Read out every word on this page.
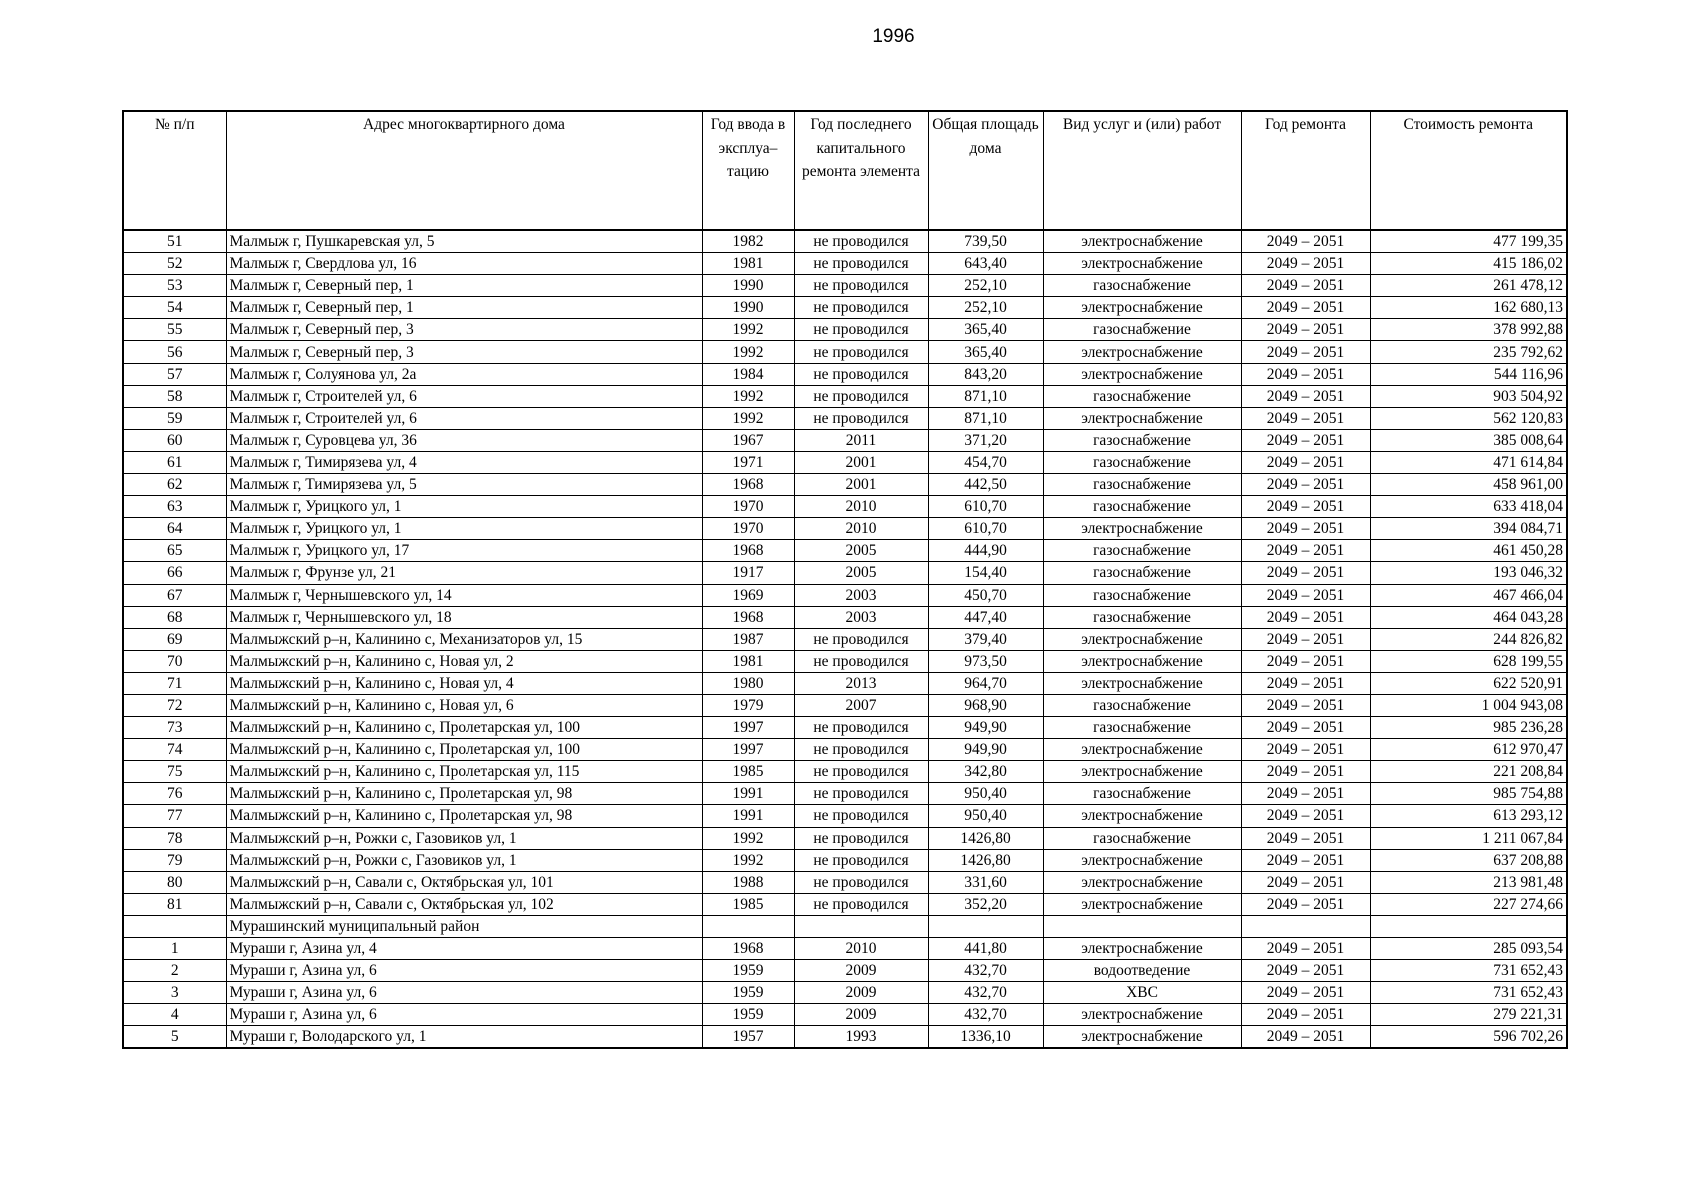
1996
№ п/п	Адрес многоквартирного дома	Год ввода в эксплуа–тацию	Год последнего капитального ремонта элемента	Общая площадь дома	Вид услуг и (или) работ	Год ремонта	Стоимость ремонта
51	Малмыж г, Пушкаревская ул, 5	1982	не проводился	739,50	электроснабжение	2049 – 2051	477 199,35
52	Малмыж г, Свердлова ул, 16	1981	не проводился	643,40	электроснабжение	2049 – 2051	415 186,02
53	Малмыж г, Северный пер, 1	1990	не проводился	252,10	газоснабжение	2049 – 2051	261 478,12
54	Малмыж г, Северный пер, 1	1990	не проводился	252,10	электроснабжение	2049 – 2051	162 680,13
55	Малмыж г, Северный пер, 3	1992	не проводился	365,40	газоснабжение	2049 – 2051	378 992,88
56	Малмыж г, Северный пер, 3	1992	не проводился	365,40	электроснабжение	2049 – 2051	235 792,62
57	Малмыж г, Солуянова ул, 2а	1984	не проводился	843,20	электроснабжение	2049 – 2051	544 116,96
58	Малмыж г, Строителей ул, 6	1992	не проводился	871,10	газоснабжение	2049 – 2051	903 504,92
59	Малмыж г, Строителей ул, 6	1992	не проводился	871,10	электроснабжение	2049 – 2051	562 120,83
60	Малмыж г, Суровцева ул, 36	1967	2011	371,20	газоснабжение	2049 – 2051	385 008,64
61	Малмыж г, Тимирязева ул, 4	1971	2001	454,70	газоснабжение	2049 – 2051	471 614,84
62	Малмыж г, Тимирязева ул, 5	1968	2001	442,50	газоснабжение	2049 – 2051	458 961,00
63	Малмыж г, Урицкого ул, 1	1970	2010	610,70	газоснабжение	2049 – 2051	633 418,04
64	Малмыж г, Урицкого ул, 1	1970	2010	610,70	электроснабжение	2049 – 2051	394 084,71
65	Малмыж г, Урицкого ул, 17	1968	2005	444,90	газоснабжение	2049 – 2051	461 450,28
66	Малмыж г, Фрунзе ул, 21	1917	2005	154,40	газоснабжение	2049 – 2051	193 046,32
67	Малмыж г, Чернышевского ул, 14	1969	2003	450,70	газоснабжение	2049 – 2051	467 466,04
68	Малмыж г, Чернышевского ул, 18	1968	2003	447,40	газоснабжение	2049 – 2051	464 043,28
69	Малмыжский р–н, Калинино с, Механизаторов ул, 15	1987	не проводился	379,40	электроснабжение	2049 – 2051	244 826,82
70	Малмыжский р–н, Калинино с, Новая ул, 2	1981	не проводился	973,50	электроснабжение	2049 – 2051	628 199,55
71	Малмыжский р–н, Калинино с, Новая ул, 4	1980	2013	964,70	электроснабжение	2049 – 2051	622 520,91
72	Малмыжский р–н, Калинино с, Новая ул, 6	1979	2007	968,90	газоснабжение	2049 – 2051	1 004 943,08
73	Малмыжский р–н, Калинино с, Пролетарская ул, 100	1997	не проводился	949,90	газоснабжение	2049 – 2051	985 236,28
74	Малмыжский р–н, Калинино с, Пролетарская ул, 100	1997	не проводился	949,90	электроснабжение	2049 – 2051	612 970,47
75	Малмыжский р–н, Калинино с, Пролетарская ул, 115	1985	не проводился	342,80	электроснабжение	2049 – 2051	221 208,84
76	Малмыжский р–н, Калинино с, Пролетарская ул, 98	1991	не проводился	950,40	газоснабжение	2049 – 2051	985 754,88
77	Малмыжский р–н, Калинино с, Пролетарская ул, 98	1991	не проводился	950,40	электроснабжение	2049 – 2051	613 293,12
78	Малмыжский р–н, Рожки с, Газовиков ул, 1	1992	не проводился	1426,80	газоснабжение	2049 – 2051	1 211 067,84
79	Малмыжский р–н, Рожки с, Газовиков ул, 1	1992	не проводился	1426,80	электроснабжение	2049 – 2051	637 208,88
80	Малмыжский р–н, Савали с, Октябрьская ул, 101	1988	не проводился	331,60	электроснабжение	2049 – 2051	213 981,48
81	Малмыжский р–н, Савали с, Октябрьская ул, 102	1985	не проводился	352,20	электроснабжение	2049 – 2051	227 274,66
	Мурашинский муниципальный район						
1	Мураши г, Азина ул, 4	1968	2010	441,80	электроснабжение	2049 – 2051	285 093,54
2	Мураши г, Азина ул, 6	1959	2009	432,70	водоотведение	2049 – 2051	731 652,43
3	Мураши г, Азина ул, 6	1959	2009	432,70	ХВС	2049 – 2051	731 652,43
4	Мураши г, Азина ул, 6	1959	2009	432,70	электроснабжение	2049 – 2051	279 221,31
5	Мураши г, Володарского ул, 1	1957	1993	1336,10	электроснабжение	2049 – 2051	596 702,26
